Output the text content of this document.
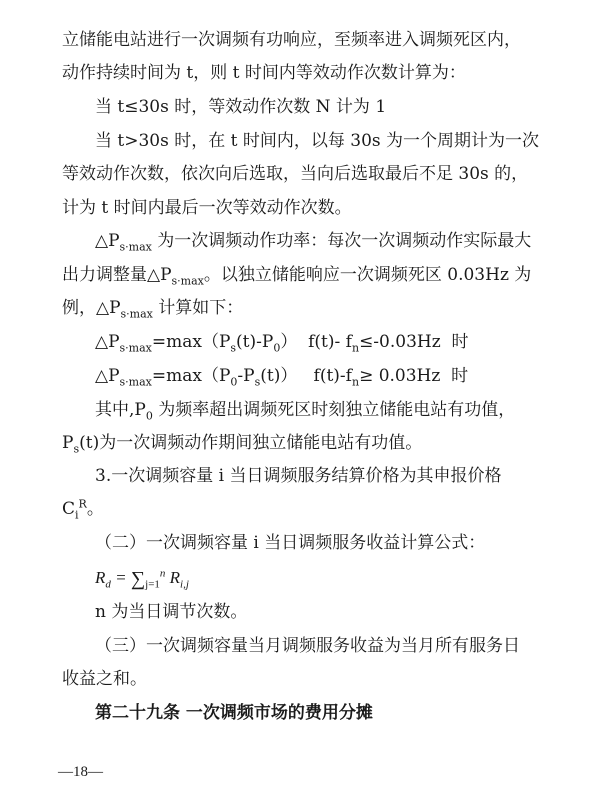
立储能电站进行一次调频有功响应，至频率进入调频死区内，
动作持续时间为 t，则 t 时间内等效动作次数计算为：
当 t≤30s 时，等效动作次数 N 计为 1
当 t>30s 时，在 t 时间内，以每 30s 为一个周期计为一次
等效动作次数，依次向后选取，当向后选取最后不足 30s 的，
计为 t 时间内最后一次等效动作次数。
$\triangle P_{s\cdot max}$ 为一次调频动作功率：每次一次调频动作实际最大
出力调整量$\triangle P_{s\cdot max}$。以独立储能响应一次调频死区 0.03Hz 为
例，$\triangle P_{s\cdot max}$ 计算如下：
$\triangle P_{s\cdot max}=\max(P_s(t)-P_0)$  f(t)- $f_n\le-0.03Hz$  时
$\triangle P_{s\cdot max}=\max(P_0-P_s(t))$   $f(t)-f_n\ge 0.03Hz$  时
其中$,P_0$ 为频率超出调频死区时刻独立储能电站有功值，
$P_s(t)$为一次调频动作期间独立储能电站有功值。
3.一次调频容量 i 当日调频服务结算价格为其申报价格
$C_i^R$。
（二）一次调频容量 i 当日调频服务收益计算公式：
$R_d = \sum_{j=1}^n$ $R_{i,j}$
n 为当日调节次数。
（三）一次调频容量当月调频服务收益为当月所有服务日
收益之和。
第二十九条 一次调频市场的费用分摊
—18—
